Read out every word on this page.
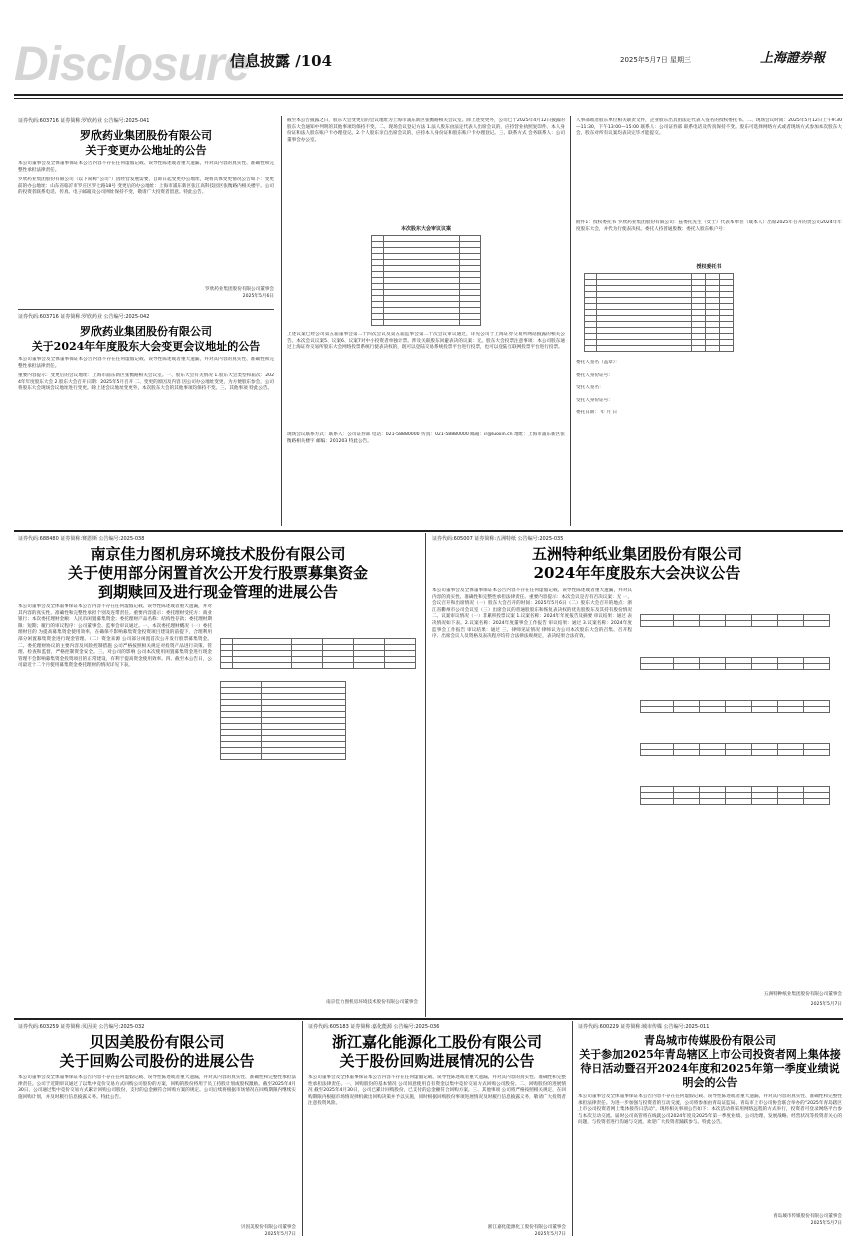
Disclosure
信息披露 /104	2025年5月7日 星期三	上海證券報
证券代码:603716 证券简称:罗欣药业 公告编号:2025-041
罗欣药业集团股份有限公司
关于变更办公地址的公告
本公司董事会及全体董事保证本公告内容不存在任何虚假记载、误导性陈述或者重大遗漏，并对其内容的真实性、准确性和完整性承担法律责任。
罗欣药业集团股份有限公司（以下简称“公司”）因经营发展需要，自即日起变更办公地址，现将具体变更情况公告如下：变更前的办公地址：山东省临沂市罗庄区罗七路18号 变更后的办公地址：上海市浦东新区张江高科技园区张衡路内相关楼宇。公司的投资者联系电话、传真、电子邮箱及公司网址保持不变，敬请广大投资者留意。特此公告。
罗欣药业集团股份有限公司董事会
2025年5月6日
证券代码:603716 证券简称:罗欣药业 公告编号:2025-042
罗欣药业集团股份有限公司
关于2024年年度股东大会变更会议地址的公告
本公司董事会及全体董事保证本公告内容不存在任何虚假记载、误导性陈述或者重大遗漏，并对其内容的真实性、准确性和完整性承担法律责任。
重要内容提示：变更后的会议地址：上海市浦东新区张衡路相关会议室。一、股东大会有关情况 1.股东大会类型和届次：2024年年度股东大会 2.股东大会召开日期：2025年5月召开 二、变更的原因及内容 因公司办公地址变更，为方便股东参会，公司将股东大会现场会议地址进行变更。除上述会议地址变更外，本次股东大会的其他事项均保持不变。三、其他事项 特此公告。
截至本公告披露之日，股东大会变更后的会议地址为上海市浦东新区张衡路相关会议室。除上述变更外，公司已于2025年4月12日披露的股东大会通知中列明的其他事项均保持不变。二、现场会议登记方法 1.法人股东由法定代表人出席会议的，应持营业执照复印件、本人身份证和法人股东账户卡办理登记。2.个人股东亲自出席会议的，应持本人身份证和股东账户卡办理登记。三、联系方式 会务联系人：公司董事会办公室。
本次股东大会审议议案

上述议案已经公司第五届董事会第二十四次会议及第五届监事会第二十次会议审议通过，详见公司于上海证券交易所网站披露的相关公告。本次会议议案5、议案6、议案7对中小投资者单独计票。涉及关联股东回避表决的议案：无。股东大会投票注意事项：本公司股东通过上海证券交易所股东大会网络投票系统行使表决权的，既可以登陆交易系统投票平台进行投票，也可以登陆互联网投票平台进行投票。
现场会议联系方式：联系人：公司证券部 电话：021-58880000 传真：021-58880000 邮箱：ir@luoxin.cn 地址：上海市浦东新区张衡路相关楼宇 邮编：201203 特此公告。
人事部或者股东单位相关职责文件，企业股东出具由法定代表人签名的授权委托书。二、现场会议时间：2025年5月12日上午9:30—11:30，下午13:00—15:00 联系人：公司证券部 联系电话及传真保持不变。股东可选择网络方式或者现场方式参加本次股东大会，股东对所有议案均表决完毕才能提交。
附件1：授权委托书 罗欣药业集团股份有限公司：兹委托先生（女士）代表本单位（或本人）出席2025年召开的贵公司2024年年度股东大会，并代为行使表决权。委托人持普通股数：委托人股东帐户号：
授权委托书

委托人签名（盖章）：
委托人身份证号：
受托人签名：
受托人身份证号：
委托日期： 年 月 日
证券代码:688480 证券简称:赛恩斯 公告编号:2025-038
南京佳力图机房环境技术股份有限公司
关于使用部分闲置首次公开发行股票募集资金到期赎回及进行现金管理的进展公告
本公司董事会及全体董事保证本公告内容不存在任何虚假记载、误导性陈述或者重大遗漏，并对其内容的真实性、准确性和完整性承担个别及连带责任。重要内容提示：委托理财受托方：商业银行；本次委托理财金额：人民币闲置募集资金；委托理财产品名称：结构性存款；委托理财期限：短期；履行的审议程序：公司董事会、监事会审议通过。一、本次委托理财概况（一）委托理财目的 为提高募集资金使用效率，在确保不影响募集资金投资项目建设的前提下，合理利用部分闲置募集资金进行现金管理。（二）资金来源 公司部分闲置首次公开发行股票募集资金。二、委托理财协议的主要内容及风险控制措施 公司严格按照相关规定对投资产品进行决策、管理、检查和监督，严格控制资金安全。三、对公司的影响 公司本次使用闲置募集资金进行现金管理不会影响募集资金投资项目的正常建设，有利于提高资金使用效率。四、截至本公告日，公司最近十二个月使用募集资金委托理财的情况详见下表。

南京佳力图机房环境技术股份有限公司董事会
证券代码:605007 证券简称:五洲特纸 公告编号:2025-035
五洲特种纸业集团股份有限公司
2024年年度股东大会决议公告
本公司董事会及全体董事保证本公告内容不存在任何虚假记载、误导性陈述或者重大遗漏，并对其内容的真实性、准确性和完整性承担法律责任。重要内容提示：本次会议是否有否决议案：无 一、会议召开和出席情况（一）股东大会召开的时间：2025年5月6日（二）股东大会召开的地点：浙江省衢州市公司会议室（三）出席会议的普通股股东和恢复表决权的优先股股东及其持有股份情况 二、议案审议情况（一）非累积投票议案 1.议案名称：2024年年度报告及摘要 审议结果：通过 表决情况如下表。2.议案名称：2024年度董事会工作报告 审议结果：通过 3.议案名称：2024年度监事会工作报告 审议结果：通过 三、律师见证情况 律师认为公司本次股东大会的召集、召开程序、出席会议人员资格及表决程序均符合法律法规规定，表决结果合法有效。

五洲特种纸业集团股份有限公司董事会
2025年5月7日
证券代码:603259 证券简称:贝因美 公告编号:2025-032
贝因美股份有限公司
关于回购公司股份的进展公告
本公司董事会及全体董事保证本公告内容不存在任何虚假记载、误导性陈述或者重大遗漏，并对其内容的真实性、准确性和完整性承担法律责任。公司于近期审议通过了以集中竞价交易方式回购公司股份的方案，回购的股份将用于员工持股计划或股权激励。截至2025年4月30日，公司通过集中竞价交易方式累计回购公司股份，支付的总金额符合回购方案的规定。公司后续将根据市场情况在回购期限内继续实施回购计划，并及时履行信息披露义务。特此公告。
贝因美股份有限公司董事会
2025年5月7日
证券代码:605183 证券简称:嘉化能源 公告编号:2025-036
浙江嘉化能源化工股份有限公司
关于股份回购进展情况的公告
本公司董事会及全体董事保证本公告内容不存在任何虚假记载、误导性陈述或者重大遗漏，并对其内容的真实性、准确性和完整性承担法律责任。一、回购股份的基本情况 公司同意使用自有资金以集中竞价交易方式回购公司股份。二、回购股份的进展情况 截至2025年4月30日，公司已累计回购股份，已支付的总金额符合回购方案。三、其他事项 公司将严格按照相关规定，在回购期限内根据市场情况择机做出回购决策并予以实施，同时根据回购股份事项进展情况及时履行信息披露义务，敬请广大投资者注意投资风险。
浙江嘉化能源化工股份有限公司董事会
2025年5月7日
证券代码:600229 证券简称:城市传媒 公告编号:2025-011
青岛城市传媒股份有限公司
关于参加2025年青岛辖区上市公司投资者网上集体接待日活动暨召开2024年度和2025年第一季度业绩说明会的公告
本公司董事会及全体董事保证本公告内容不存在任何虚假记载、误导性陈述或者重大遗漏，并对其内容的真实性、准确性和完整性承担法律责任。为进一步加强与投资者的互动交流，公司将参加由青岛证监局、青岛市上市公司协会联合举办的“2025年青岛辖区上市公司投资者网上集体接待日活动”，现将相关事项公告如下：本次活动将采用网络远程的方式举行，投资者可登录网络平台参与本次互动交流。届时公司高管将在线就公司2024年度及2025年第一季度业绩、公司治理、发展战略、经营状况等投资者关心的问题，与投资者进行沟通与交流，欢迎广大投资者踊跃参与。特此公告。
青岛城市传媒股份有限公司董事会
2025年5月7日
